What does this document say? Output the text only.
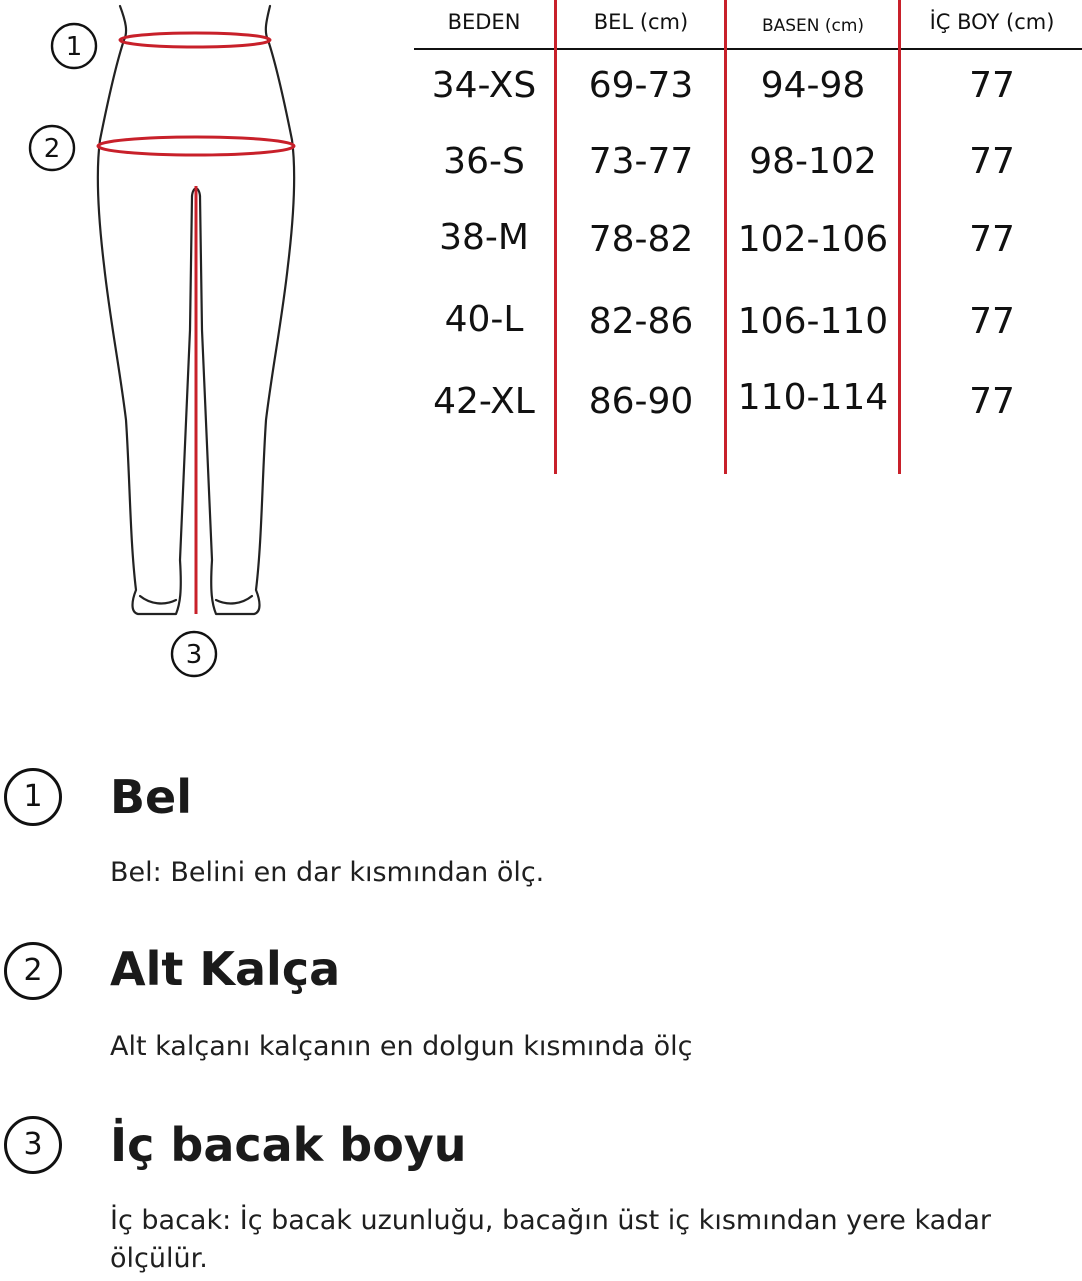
1
2
3
BEDEN	BEL (cm)	BASEN (cm)	İÇ BOY (cm)
34-XS	69-73	94-98	77
36-S	73-77	98-102	77
38-M	78-82	102-106	77
40-L	82-86	106-110	77
42-XL	86-90	110-114	77
1	Bel
Bel: Belini en dar kısmından ölç.
2	Alt Kalça
Alt kalçanı kalçanın en dolgun kısmında ölç
3	İç bacak boyu
İç bacak: İç bacak uzunluğu, bacağın üst iç kısmından yere kadar ölçülür.
